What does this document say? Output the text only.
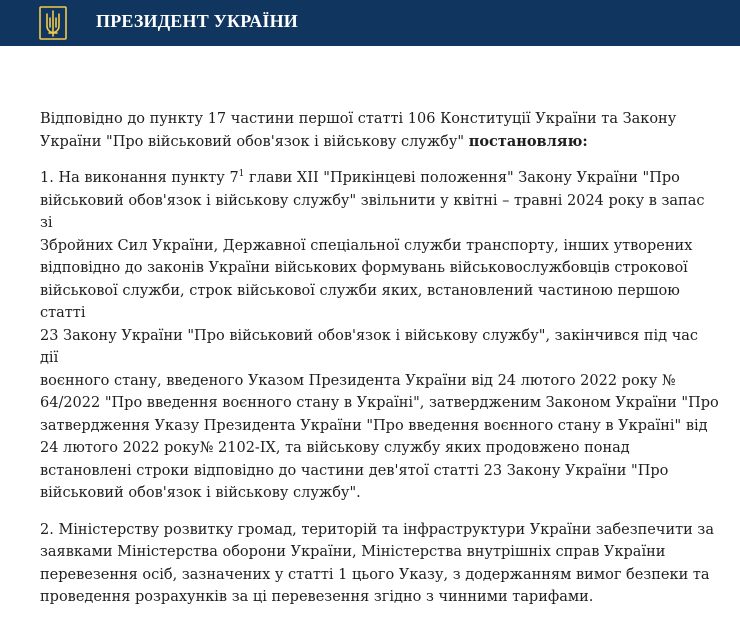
ПРЕЗИДЕНТ УКРАЇНИ

Відповідно до пункту 17 частини першої статті 106 Конституції України та Закону
України "Про військовий обов'язок і військову службу" постановляю:

1. На виконання пункту $7^1$ глави XII "Прикінцеві положення" Закону України "Про
військовий обов'язок і військову службу" звільнити у квітні – травні 2024 року в запас зі
Збройних Сил України, Державної спеціальної служби транспорту, інших утворених
відповідно до законів України військових формувань військовослужбовців строкової
військової служби, строк військової служби яких, встановлений частиною першою статті
23 Закону України "Про військовий обов'язок і військову службу", закінчився під час дії
воєнного стану, введеного Указом Президента України від 24 лютого 2022 року №
64/2022 "Про введення воєнного стану в Україні", затвердженим Законом України "Про
затвердження Указу Президента України "Про введення воєнного стану в Україні" від
24 лютого 2022 року№ 2102-IX, та військову службу яких продовжено понад
встановлені строки відповідно до частини дев'ятої статті 23 Закону України "Про
військовий обов'язок і військову службу".

2. Міністерству розвитку громад, територій та інфраструктури України забезпечити за
заявками Міністерства оборони України, Міністерства внутрішніх справ України
перевезення осіб, зазначених у статті 1 цього Указу, з додержанням вимог безпеки та
проведення розрахунків за ці перевезення згідно з чинними тарифами.
